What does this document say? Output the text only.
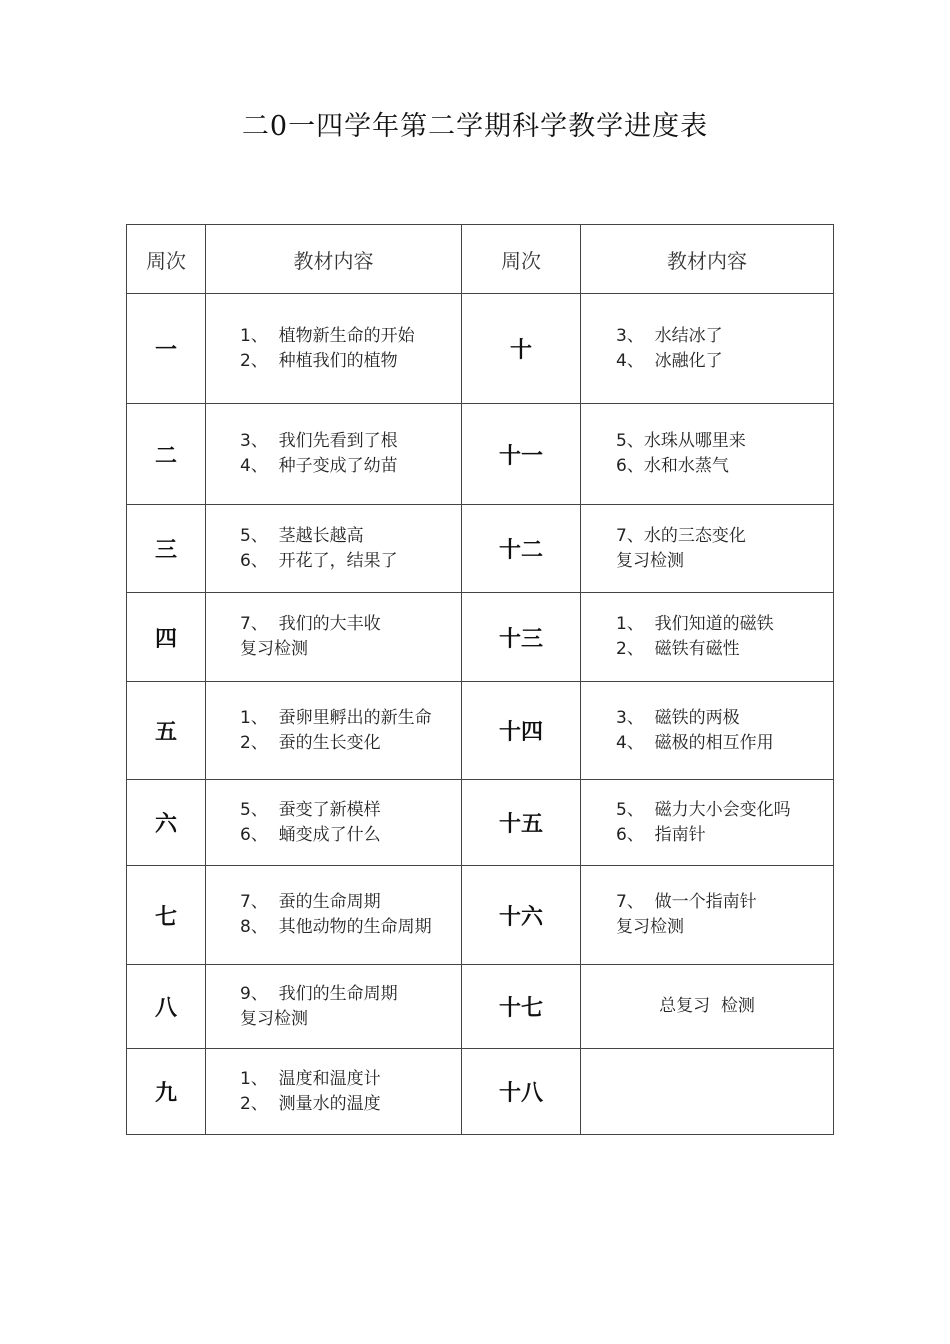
二0一四学年第二学期科学教学进度表
周次	教材内容	周次	教材内容
一	1、  植物新生命的开始
2、  种植我们的植物	十	3、  水结冰了
4、  冰融化了

二	3、  我们先看到了根
4、  种子变成了幼苗	十一	5、水珠从哪里来
6、水和水蒸气

三	5、  茎越长越高
6、  开花了，结果了	十二	7、水的三态变化
复习检测

四	7、  我们的大丰收
复习检测	十三	1、  我们知道的磁铁
2、  磁铁有磁性

五	1、  蚕卵里孵出的新生命
2、  蚕的生长变化	十四	3、  磁铁的两极
4、  磁极的相互作用

六	5、  蚕变了新模样
6、  蛹变成了什么	十五	5、  磁力大小会变化吗
6、  指南针

七	7、  蚕的生命周期
8、  其他动物的生命周期	十六	7、  做一个指南针
复习检测

八	9、  我们的生命周期
复习检测	十七	总复习  检测

九	1、  温度和温度计
2、  测量水的温度	十八	
